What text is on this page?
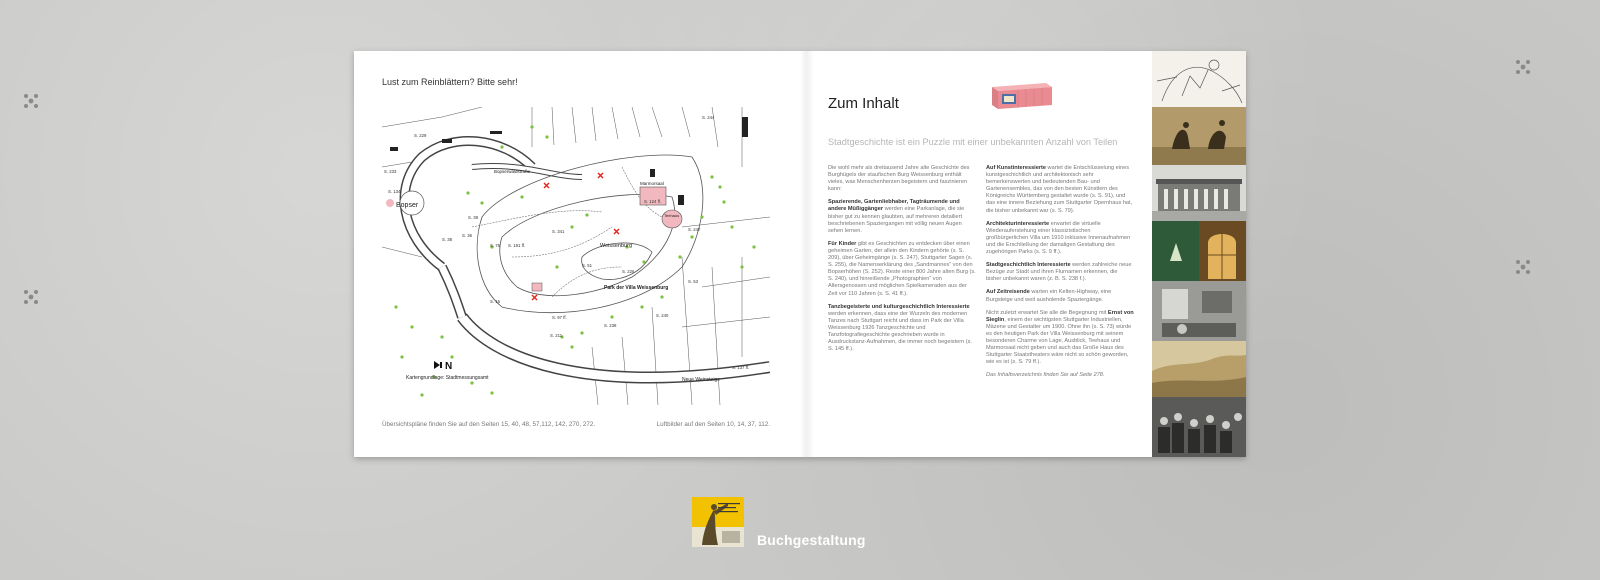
Lust zum Reinblättern? Bitte sehr!
Bopser
Weissenburg
Park der Villa Weissenburg
Marmorsaal
Teehaus
Bopserwaldstraße
Neue Weinsteige
Kartengrundlage: Stadtmessungsamt
S. 229
S. 244
S. 233
S. 134
S. 38
S. 36
S. 39
S. 75
S. 341
S. 191 ff.
S. 124 ff.
S. 247
S. 51
S. 226
S. 53
S. 15
S. 97 ff.
S. 238
S. 137 ff.
S. 211
S. 240
N
Übersichtspläne finden Sie auf den Seiten 15, 40, 48, 57,112, 142, 270, 272.	Luftbilder auf den Seiten 10, 14, 37, 112.
Zum Inhalt
Stadtgeschichte ist ein Puzzle mit einer unbekannten Anzahl von Teilen

Die wohl mehr als dreitausend Jahre alte Geschichte des Burghügels der staufischen Burg Weissenburg enthält vieles, was Menschenherzen begeistern und faszinieren kann:

Spazierende, Gartenliebhaber, Tagträumende und andere Müßiggänger werden eine Parkanlage, die sie bisher gut zu kennen glaubten, auf mehreren detailiert beschriebenen Spaziergangen mit völlig neuen Augen sehen lernen.

Für Kinder gibt es Geschichten zu entdecken über einen geheimen Garten, der allein den Kindern gehörte (s. S. 209), über Geheimgänge (s. S. 247), Stuttgarter Sagen (s. S. 255), die Namenserklärung des „Sandmannes“ von den Bopserhöhen (S. 252). Reste einer 800 Jahre alten Burg (s. S. 240), und hinreißende „Photographien“ von Altersgenossen und möglichen Spielkameraden aus der Zeit vor 110 Jahren (s. S. 41 ff.).

Tanzbegeisterte und kulturgeschichtlich Interessierte werden erkennen, dass eine der Wurzeln des modernen Tanzes nach Stuttgart reicht und dass im Park der Villa Weissenburg 1926 Tanzgeschichte und Tanzfotografiegeschichte geschrieben wurde in Ausdruckstanz-Aufnahmen, die immer noch begeistern (s. S. 145 ff.).

Auf Kunstinteressierte wartet die Entschlüsselung eines kunstgeschichtlich und architektonisch sehr bemerkenswerten und bedeutenden Bau- und Gartenensembles, das von den besten Künstlern des Königreichs Württemberg gestaltet wurde (s. S. 91), und das eine innere Beziehung zum Stuttgarter Opernhaus hat, die bisher unbekannt war (s. S. 79).

Architekturinteressierte erwartet die virtuelle Wiederauferstehung einer klassizistischen großbürgerlichen Villa um 1910 inklusive Innenaufnahmen und die Erschließung der damaligen Gestaltung des zugehörigen Parks (s. S. 9 ff.).

Stadtgeschichtlich Interessierte werden zahlreiche neue Bezüge zur Stadt und ihren Flurnamen erkennen, die bisher unbekannt waren (z. B. S. 238 f.).

Auf Zeitreisende warten ein Kelten-Highway, eine Burgsteige und weit ausholende Spaziergänge.

Nicht zuletzt erwartet Sie alle die Begegnung mit Ernst von Sieglin, einem der wichtigsten Stuttgarter Industriellen, Mäzene und Gestalter um 1900. Ohne ihn (s. S. 73) würde es den heutigen Park der Villa Weissenburg mit seinem besonderen Charme von Lage, Ausblick, Teehaus und Marmorsaal nicht geben und auch das Große Haus des Stuttgarter Staatstheaters wäre nicht so schön geworden, wie es ist (s. S. 79 ff.).

Das Inhaltsverzeichnis finden Sie auf Seite 278.

Buchgestaltung
